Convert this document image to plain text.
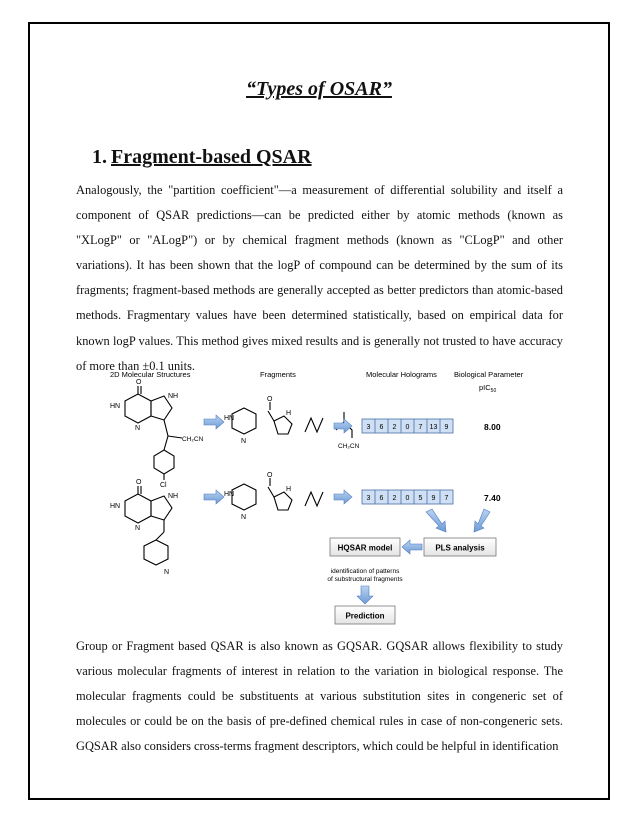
“Types of OSAR”
1. Fragment-based QSAR

Analogously, the "partition coefficient"—a measurement of differential solubility and itself a component of QSAR predictions—can be predicted either by atomic methods (known as "XLogP" or "ALogP") or by chemical fragment methods (known as "CLogP" and other variations). It has been shown that the logP of compound can be determined by the sum of its fragments; fragment-based methods are generally accepted as better predictors than atomic-based methods. Fragmentary values have been determined statistically, based on empirical data for known logP values. This method gives mixed results and is generally not trusted to have accuracy of more than ±0.1 units.

2D Molecular Structures	Fragments	Molecular Holograms Biological Parameter
pIC$_{50}$
O
HN
N
NH
CH₂CN
Cl
O
HN
N
NH
N
HN
N
O
H
CH₂CN
HN
N
O
H
3 6 2 0 7 13 9	8.00
3 6 2 0 5 9 7	7.40
PLS analysis
HQSAR model
identification of patterns
of substructural fragments
Prediction

Group or Fragment based QSAR is also known as GQSAR. GQSAR allows flexibility to study various molecular fragments of interest in relation to the variation in biological response. The molecular fragments could be substituents at various substitution sites in congeneric set of molecules or could be on the basis of pre-defined chemical rules in case of non-congeneric sets. GQSAR also considers cross-terms fragment descriptors, which could be helpful in identification
